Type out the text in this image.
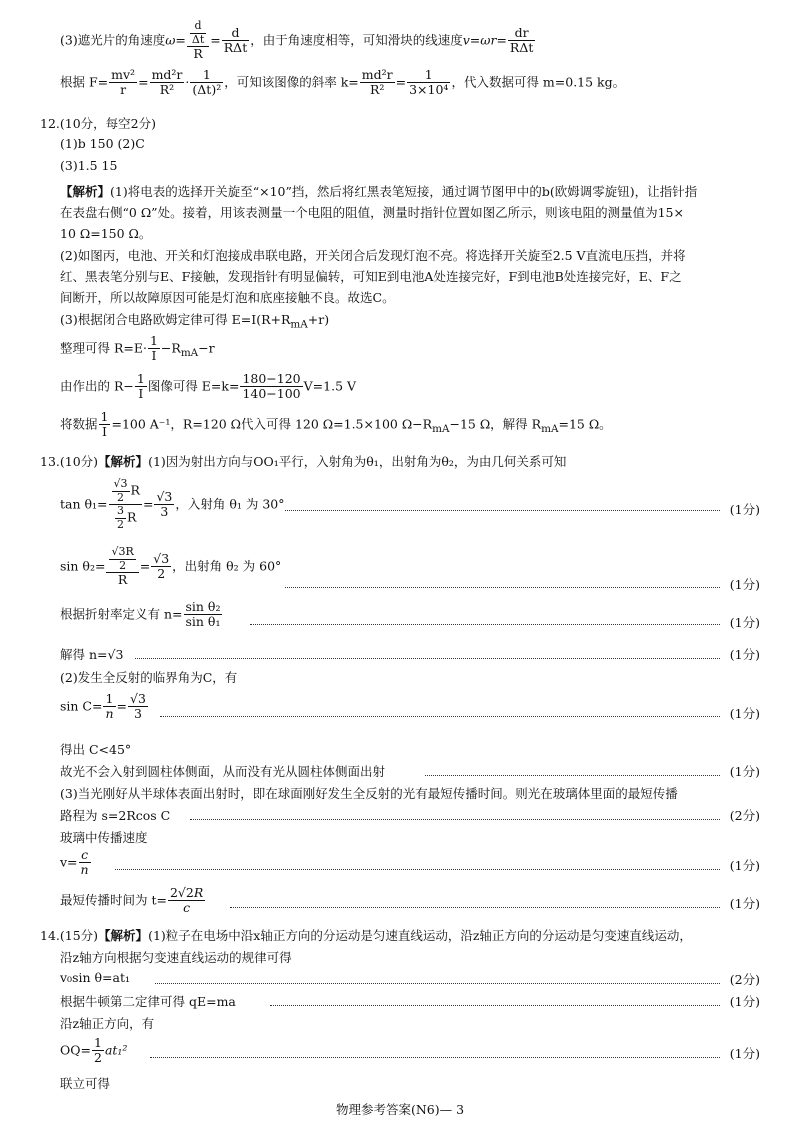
(3)遮光片的角速度$\omega= \frac{\frac{d}{\Delta t}}{R} = \frac{d}{\text{RΔt}}$ ，由于角速度相等，可知滑块的线速度$v=\omega r= \frac{dr}{\text{RΔt}}$
根据 $F= \frac{\text{mv²}}{r} = \frac{\text{md²r}}{\text{R²}} \cdot \frac{1}{\text{(Δt)²}}$ ，可知该图像的斜率 $k= \frac{\text{md²r}}{\text{R²}} = \frac{1}{\text{3×10⁴}}$ ，代入数据可得 m=0.15 kg。
12.(10分，每空2分)
(1)b 150 (2)C
(3)1.5 15
【解析】(1)将电表的选择开关旋至“×10”挡，然后将红黑表笔短接，通过调节图甲中的b(欧姆调零旋钮)，让指针指
在表盘右侧“0 Ω”处。接着，用该表测量一个电阻的阻值，测量时指针位置如图乙所示，则该电阻的测量值为15×
10 Ω=150 Ω。
(2)如图丙，电池、开关和灯泡接成串联电路，开关闭合后发现灯泡不亮。将选择开关旋至2.5 V直流电压挡，并将
红、黑表笔分别与E、F接触，发现指针有明显偏转，可知E到电池A处连接完好，F到电池B处连接完好，E、F之
间断开，所以故障原因可能是灯泡和底座接触不良。故选C。
(3)根据闭合电路欧姆定律可得 $E=I(R+R_{mA}+r)$
整理可得 $R=E\cdot \frac{1}{I} -R_{mA}-r$
由作出的 $R- \frac{1}{I}$ 图像可得 $E=k= \frac{180-120}{140-100} V=1.5$ V
将数据 $\frac{1}{I} =100$ A⁻¹，R=120 Ω代入可得 120 Ω=1.5×100 $\Omega-R_{mA}-15$ Ω，解得 $R_{mA}=15$ Ω。
13.(10分)【解析】(1)因为射出方向与OO₁平行，入射角为θ₁，出射角为θ₂，为由几何关系可知
$\tan \theta_1= \frac{\frac{√3}{2} R}{\frac{3}{2} R} = \frac{√3}{3}$ ，入射角 θ₁ 为 30°	(1分)
$\sin \theta_2= \frac{\frac{√3R}{2}}{R} = \frac{√3}{2}$ ，出射角 θ₂ 为 60°
(1分)
根据折射率定义有 $n= \frac{\text{sin θ₂}}{\text{sin θ₁}}$	(1分)
解得 n=√3	(1分)
(2)发生全反射的临界角为C，有
$\sin C= \frac{1}{n} = \frac{√3}{3}$	(1分)
得出 C<45°
故光不会入射到圆柱体侧面，从而没有光从圆柱体侧面出射	(1分)
(3)当光刚好从半球体表面出射时，即在球面刚好发生全反射的光有最短传播时间。则光在玻璃体里面的最短传播
路程为 s=2Rcos C	(2分)
玻璃中传播速度
$v= \frac{c}{n}$	(1分)
最短传播时间为 $t= \frac{2√2R}{c}$	(1分)
14.(15分)【解析】(1)粒子在电场中沿x轴正方向的分运动是匀速直线运动，沿z轴正方向的分运动是匀变速直线运动，
沿z轴方向根据匀变速直线运动的规律可得
v₀sin θ=at₁	(2分)
根据牛顿第二定律可得 qE=ma	(1分)
沿z轴正方向，有
$OQ= \frac{1}{2} at_1^2$	(1分)
联立可得
物理参考答案(N6)— 3
